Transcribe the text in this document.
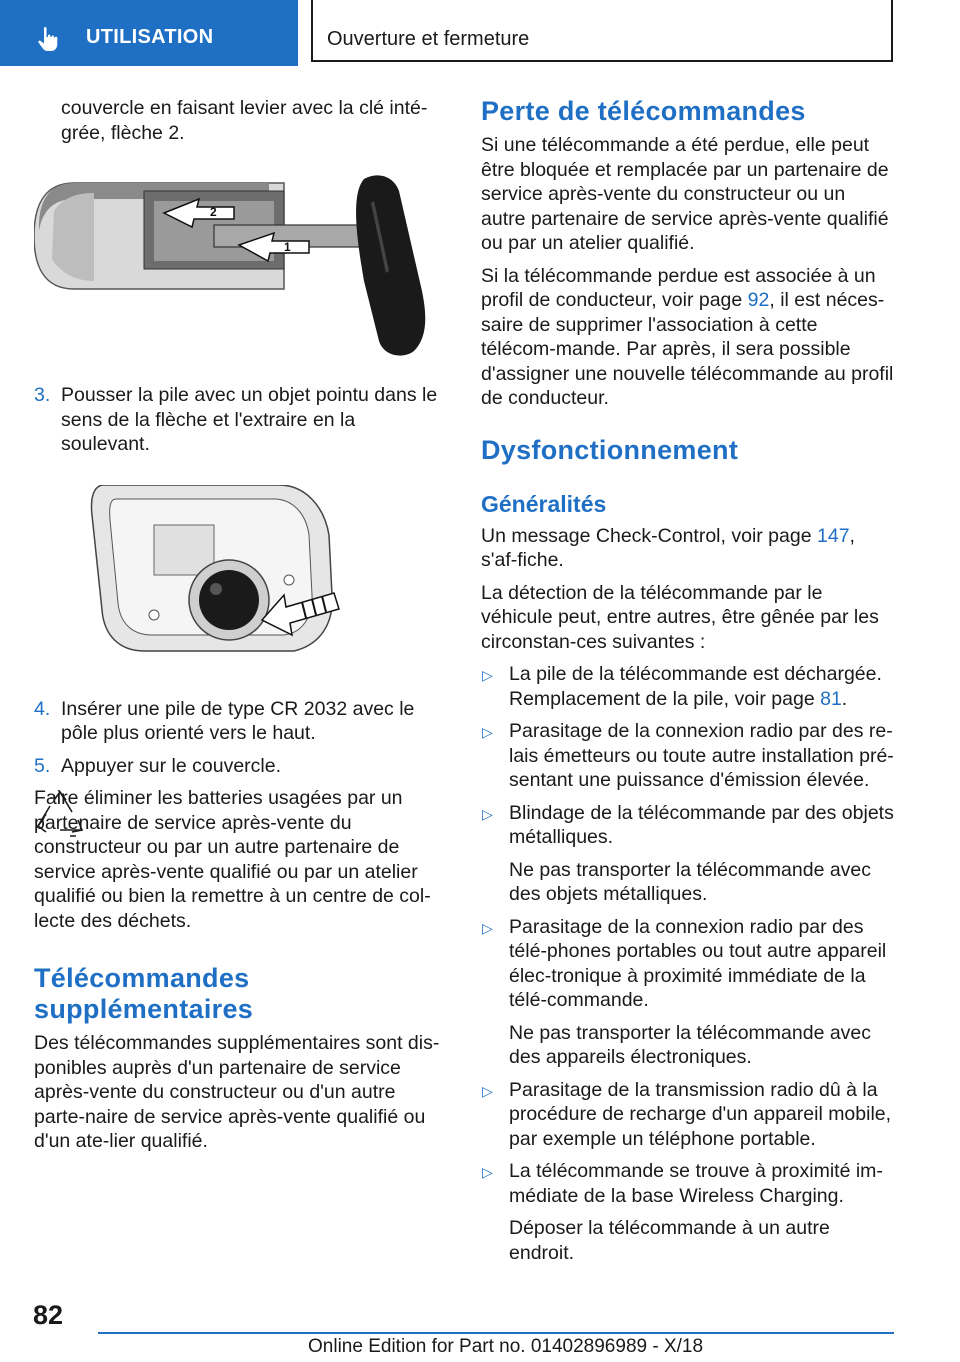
UTILISATION	Ouverture et fermeture

couvercle en faisant levier avec la clé inté-
grée, flèche 2.

2
1
3. Pousser la pile avec un objet pointu dans le sens de la flèche et l'extraire en la soulevant.
4. Insérer une pile de type CR 2032 avec le pôle plus orienté vers le haut.
5. Appuyer sur le couvercle.

Faire éliminer les batteries usagées par un partenaire de service après-vente du constructeur ou par un autre partenaire de service après-vente qualifié ou par un atelier qualifié ou bien la remettre à un centre de col-lecte des déchets.

Télécommandes supplémentaires

Des télécommandes supplémentaires sont dis-ponibles auprès d'un partenaire de service après-vente du constructeur ou d'un autre parte-naire de service après-vente qualifié ou d'un ate-lier qualifié.

Perte de télécommandes

Si une télécommande a été perdue, elle peut être bloquée et remplacée par un partenaire de service après-vente du constructeur ou un autre partenaire de service après-vente qualifié ou par un atelier qualifié.

Si la télécommande perdue est associée à un profil de conducteur, voir page 92, il est néces-saire de supprimer l'association à cette télécom-mande. Par après, il sera possible d'assigner une nouvelle télécommande au profil de conducteur.

Dysfonctionnement
Généralités

Un message Check-Control, voir page 147, s'af-fiche.

La détection de la télécommande par le véhicule peut, entre autres, être gênée par les circonstan-ces suivantes :

▷ La pile de la télécommande est déchargée. Remplacement de la pile, voir page 81.
▷ Parasitage de la connexion radio par des re-lais émetteurs ou toute autre installation pré-sentant une puissance d'émission élevée.
▷ Blindage de la télécommande par des objets métalliques.
Ne pas transporter la télécommande avec des objets métalliques.
▷ Parasitage de la connexion radio par des télé-phones portables ou tout autre appareil élec-tronique à proximité immédiate de la télé-commande.
Ne pas transporter la télécommande avec des appareils électroniques.
▷ Parasitage de la transmission radio dû à la procédure de recharge d'un appareil mobile, par exemple un téléphone portable.
▷ La télécommande se trouve à proximité im-médiate de la base Wireless Charging.
Déposer la télécommande à un autre endroit.
82
Online Edition for Part no. 01402896989 - X/18
